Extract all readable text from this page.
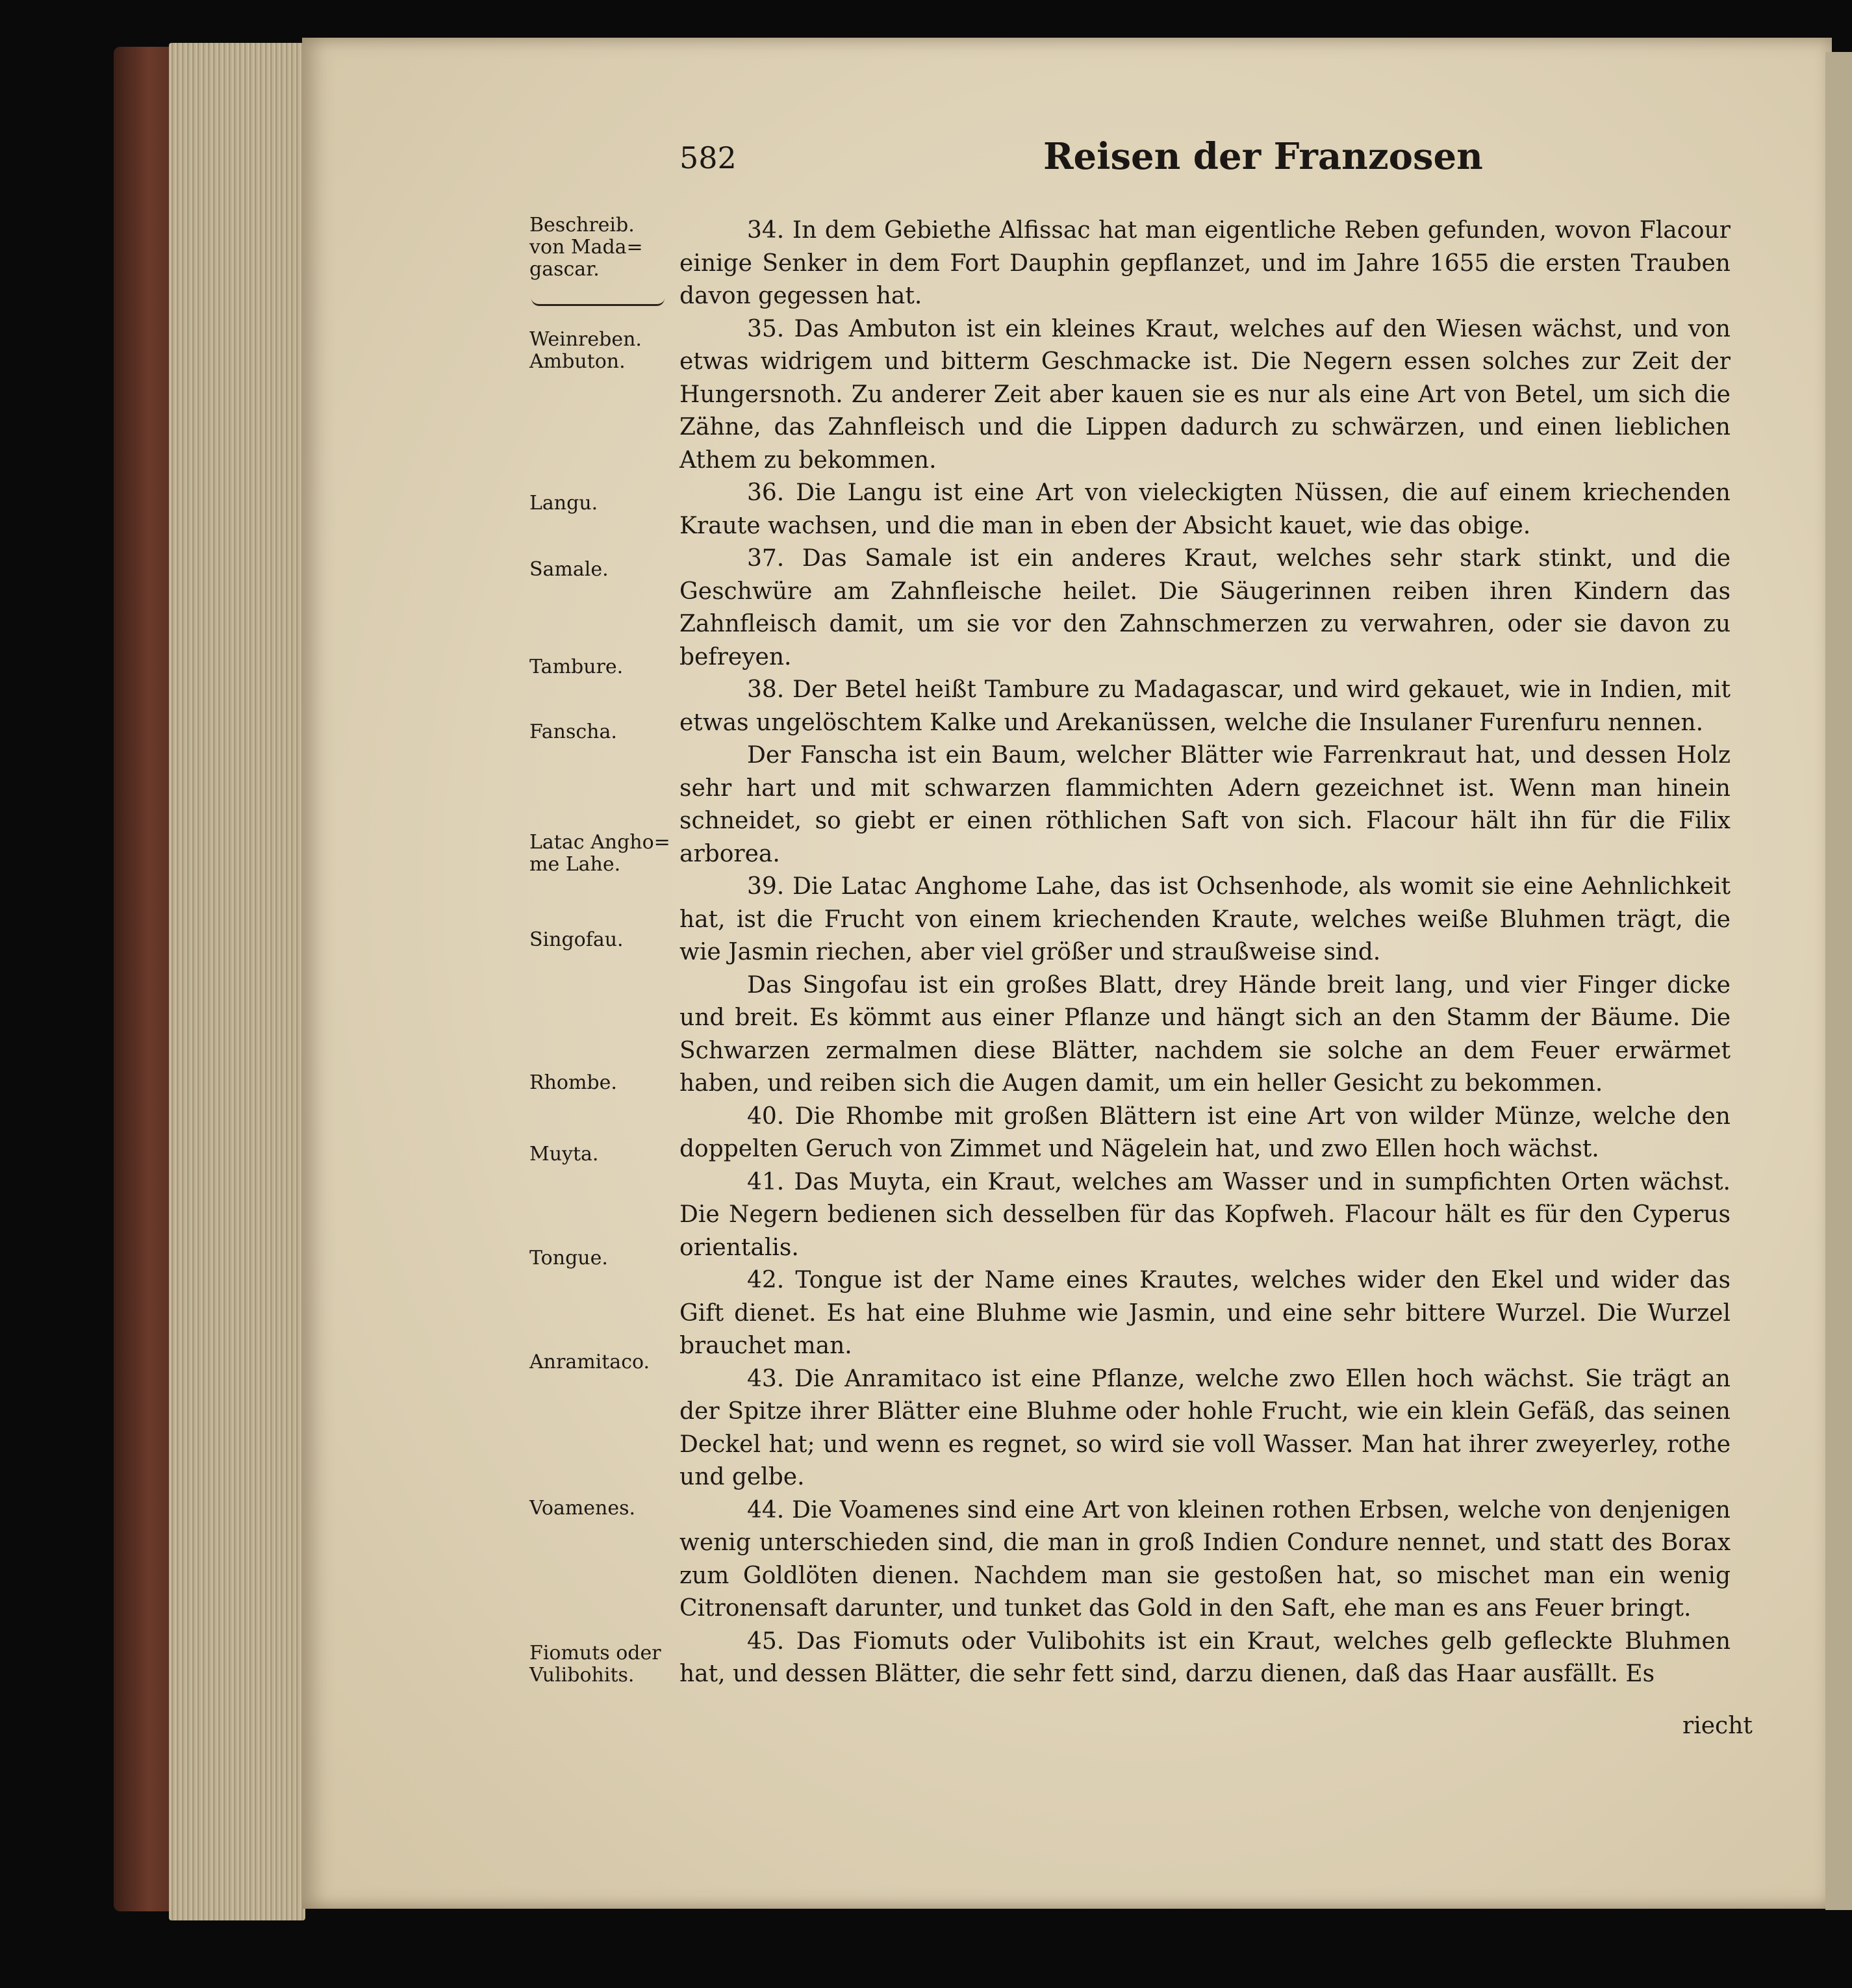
582	Reisen der Franzosen
Beschreib.
von Mada=
gascar.
Weinreben.
Ambuton.
Langu.
Samale.
Tambure.
Fanscha.
Latac Angho=
me Lahe.
Singofau.
Rhombe.
Muyta.
Tongue.
Anramitaco.
Voamenes.
Fiomuts oder
Vulibohits.

34. In dem Gebiethe Alfissac hat man eigentliche Reben gefunden, wovon Flacour einige Senker in dem Fort Dauphin gepflanzet, und im Jahre 1655 die ersten Trauben davon gegessen hat.

35. Das Ambuton ist ein kleines Kraut, welches auf den Wiesen wächst, und von etwas widrigem und bitterm Geschmacke ist. Die Negern essen solches zur Zeit der Hungersnoth. Zu anderer Zeit aber kauen sie es nur als eine Art von Betel, um sich die Zähne, das Zahnfleisch und die Lippen dadurch zu schwärzen, und einen lieblichen Athem zu bekommen.

36. Die Langu ist eine Art von vieleckigten Nüssen, die auf einem kriechenden Kraute wachsen, und die man in eben der Absicht kauet, wie das obige.

37. Das Samale ist ein anderes Kraut, welches sehr stark stinkt, und die Geschwüre am Zahnfleische heilet. Die Säugerinnen reiben ihren Kindern das Zahnfleisch damit, um sie vor den Zahnschmerzen zu verwahren, oder sie davon zu befreyen.

38. Der Betel heißt Tambure zu Madagascar, und wird gekauet, wie in Indien, mit etwas ungelöschtem Kalke und Arekanüssen, welche die Insulaner Furenfuru nennen.

Der Fanscha ist ein Baum, welcher Blätter wie Farrenkraut hat, und dessen Holz sehr hart und mit schwarzen flammichten Adern gezeichnet ist. Wenn man hinein schneidet, so giebt er einen röthlichen Saft von sich. Flacour hält ihn für die Filix arborea.

39. Die Latac Anghome Lahe, das ist Ochsenhode, als womit sie eine Aehnlichkeit hat, ist die Frucht von einem kriechenden Kraute, welches weiße Bluhmen trägt, die wie Jasmin riechen, aber viel größer und straußweise sind.

Das Singofau ist ein großes Blatt, drey Hände breit lang, und vier Finger dicke und breit. Es kömmt aus einer Pflanze und hängt sich an den Stamm der Bäume. Die Schwarzen zermalmen diese Blätter, nachdem sie solche an dem Feuer erwärmet haben, und reiben sich die Augen damit, um ein heller Gesicht zu bekommen.

40. Die Rhombe mit großen Blättern ist eine Art von wilder Münze, welche den doppelten Geruch von Zimmet und Nägelein hat, und zwo Ellen hoch wächst.

41. Das Muyta, ein Kraut, welches am Wasser und in sumpfichten Orten wächst. Die Negern bedienen sich desselben für das Kopfweh. Flacour hält es für den Cyperus orientalis.

42. Tongue ist der Name eines Krautes, welches wider den Ekel und wider das Gift dienet. Es hat eine Bluhme wie Jasmin, und eine sehr bittere Wurzel. Die Wurzel brauchet man.

43. Die Anramitaco ist eine Pflanze, welche zwo Ellen hoch wächst. Sie trägt an der Spitze ihrer Blätter eine Bluhme oder hohle Frucht, wie ein klein Gefäß, das seinen Deckel hat; und wenn es regnet, so wird sie voll Wasser. Man hat ihrer zweyerley, rothe und gelbe.

44. Die Voamenes sind eine Art von kleinen rothen Erbsen, welche von denjenigen wenig unterschieden sind, die man in groß Indien Condure nennet, und statt des Borax zum Goldlöten dienen. Nachdem man sie gestoßen hat, so mischet man ein wenig Citronensaft darunter, und tunket das Gold in den Saft, ehe man es ans Feuer bringt.

45. Das Fiomuts oder Vulibohits ist ein Kraut, welches gelb gefleckte Bluhmen hat, und dessen Blätter, die sehr fett sind, darzu dienen, daß das Haar ausfällt. Es

riecht
